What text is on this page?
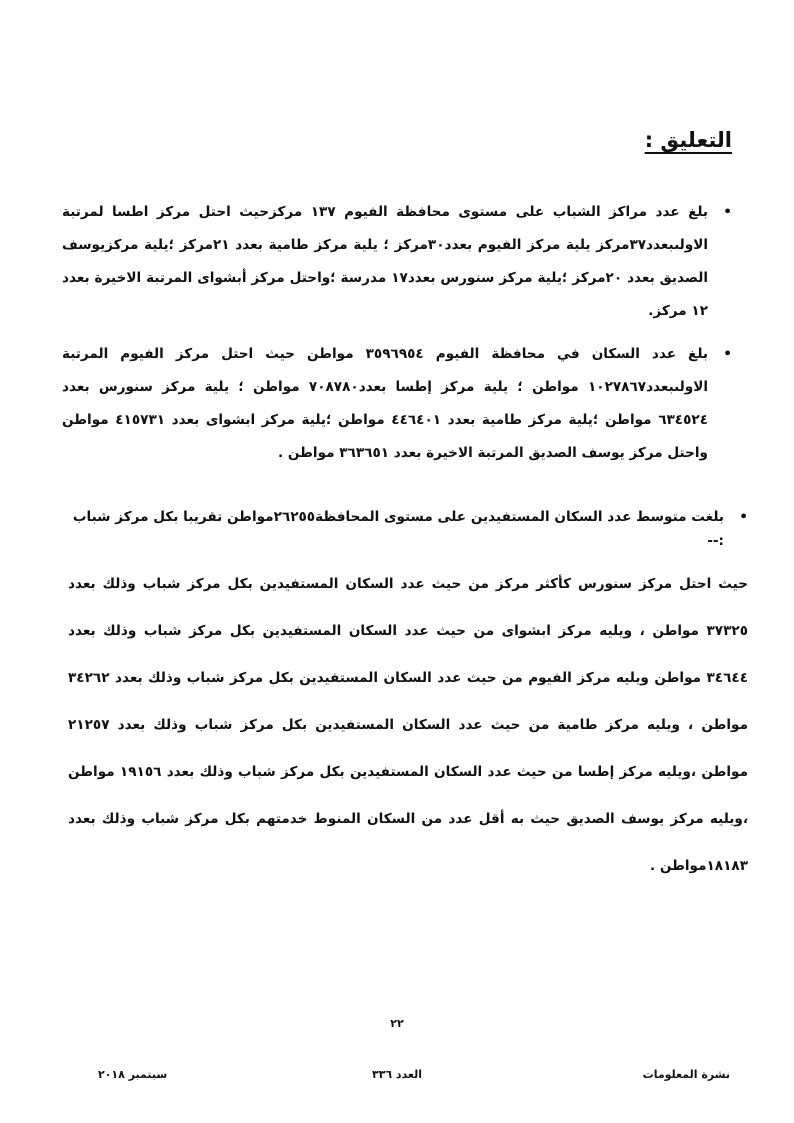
التعليق :
•
بلغ عدد مراكز الشباب على مستوى محافظة الفيوم ١٣٧ مركزحيث احتل مركز اطسا لمرتبة الاولىبعدد٣٧مركز يلية مركز الفيوم بعدد٣٠مركز ؛ يلية مركز طامية بعدد ٢١مركز ؛يلية مركزيوسف الصديق بعدد ٢٠مركز ؛يلية مركز سنورس بعدد١٧ مدرسة ؛واحتل مركز أبشواى المرتبة الاخيرة بعدد ١٢ مركز.
•
بلغ عدد السكان في محافظة الفيوم ٣٥٩٦٩٥٤ مواطن حيث احتل مركز الفيوم المرتبة الاولىبعدد١٠٢٧٨٦٧ مواطن ؛ يلية مركز إطسا بعدد٧٠٨٧٨٠ مواطن ؛ يلية مركز سنورس بعدد ٦٣٤٥٢٤ مواطن ؛يلية مركز طامية بعدد ٤٤٦٤٠١ مواطن ؛يلية مركز ابشواى بعدد ٤١٥٧٣١ مواطن واحتل مركز يوسف الصديق المرتبة الاخيرة بعدد ٣٦٣٦٥١ مواطن .
•
بلغت متوسط عدد السكان المستفيدين على مستوى المحافظة٢٦٢٥٥مواطن تقريبا بكل مركز شباب :--

حيث احتل مركز سنورس كأكثر مركز من حيث عدد السكان المستفيدين بكل مركز شباب وذلك بعدد ٣٧٣٢٥ مواطن ، ويليه مركز ابشواى من حيث عدد السكان المستفيدين بكل مركز شباب وذلك بعدد ٣٤٦٤٤ مواطن ويليه مركز الفيوم من حيث عدد السكان المستفيدين بكل مركز شباب وذلك بعدد ٣٤٢٦٢ مواطن ، ويليه مركز طامية من حيث عدد السكان المستفيدين بكل مركز شباب وذلك بعدد ٢١٢٥٧ مواطن ،ويليه مركز إطسا من حيث عدد السكان المستفيدين بكل مركز شباب وذلك بعدد ١٩١٥٦ مواطن ،ويليه مركز يوسف الصديق حيث به أقل عدد من السكان المنوط خدمتهم بكل مركز شباب وذلك بعدد ١٨١٨٣مواطن .

٢٢
نشرة المعلومات
العدد ٣٣٦
سبتمبر ٢٠١٨
